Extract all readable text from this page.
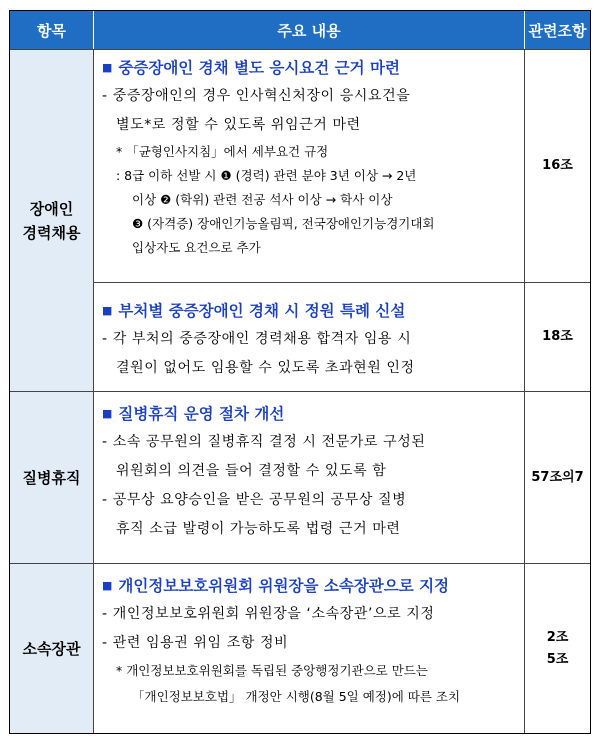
항목	주요 내용	관련조항
장애인
경력채용
■ 중증장애인 경채 별도 응시요건 근거 마련
- 중증장애인의 경우 인사혁신처장이 응시요건을
별도*로 정할 수 있도록 위임근거 마련
* 「균형인사지침」에서 세부요건 규정
: 8급 이하 선발 시 ❶ (경력) 관련 분야 3년 이상 → 2년
이상 ❷ (학위) 관련 전공 석사 이상 → 학사 이상
❸ (자격증) 장애인기능올림픽, 전국장애인기능경기대회
입상자도 요건으로 추가
16조
■ 부처별 중증장애인 경채 시 정원 특례 신설
- 각 부처의 중증장애인 경력채용 합격자 임용 시
결원이 없어도 임용할 수 있도록 초과현원 인정
18조
질병휴직
■ 질병휴직 운영 절차 개선
- 소속 공무원의 질병휴직 결정 시 전문가로 구성된
위원회의 의견을 들어 결정할 수 있도록 함
- 공무상 요양승인을 받은 공무원의 공무상 질병
휴직 소급 발령이 가능하도록 법령 근거 마련
57조의7
소속장관
■ 개인정보보호위원회 위원장을 소속장관으로 지정
- 개인정보보호위원회 위원장을 ‘소속장관’으로 지정
- 관련 임용권 위임 조항 정비
* 개인정보보호위원회를 독립된 중앙행정기관으로 만드는
「개인정보보호법」 개정안 시행(8월 5일 예정)에 따른 조치
2조
5조
